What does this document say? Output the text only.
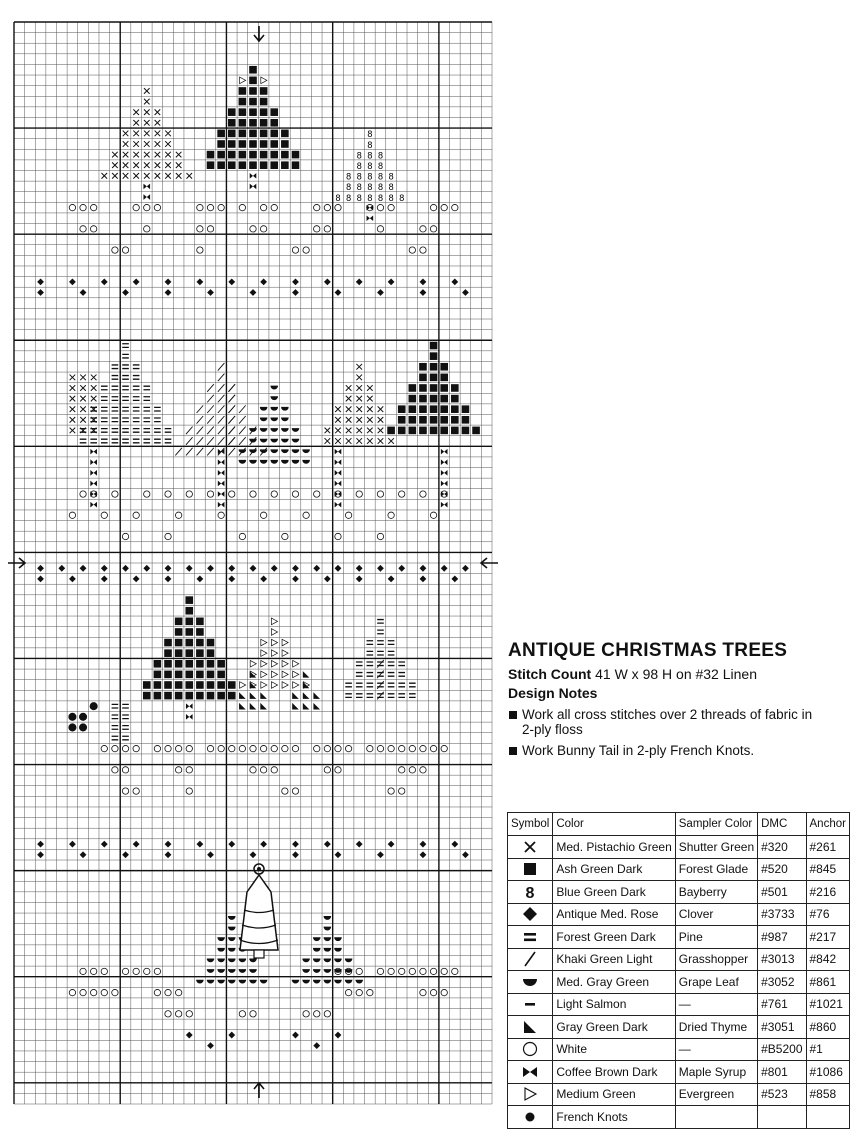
8
8
8 8 8
8 8 8
8 8 8 8 8
8 8 8 8 8
8 8 8 8 8 8 8
ANTIQUE CHRISTMAS TREES
Stitch Count 41 W x 98 H on #32 Linen
Design Notes
Work all cross stitches over 2 threads of fabric in 2-ply floss
Work Bunny Tail in 2-ply French Knots.
Symbol	Color	Sampler Color	DMC	Anchor

	Med. Pistachio Green	Shutter Green	#320	#261

	Ash Green Dark	Forest Glade	#520	#845

8	Blue Green Dark	Bayberry	#501	#216

	Antique Med. Rose	Clover	#3733	#76

	Forest Green Dark	Pine	#987	#217

	Khaki Green Light	Grasshopper	#3013	#842

	Med. Gray Green	Grape Leaf	#3052	#861

	Light Salmon	—	#761	#1021

	Gray Green Dark	Dried Thyme	#3051	#860

	White	—	#B5200	#1

	Coffee Brown Dark	Maple Syrup	#801	#1086

	Medium Green	Evergreen	#523	#858

	French Knots			
